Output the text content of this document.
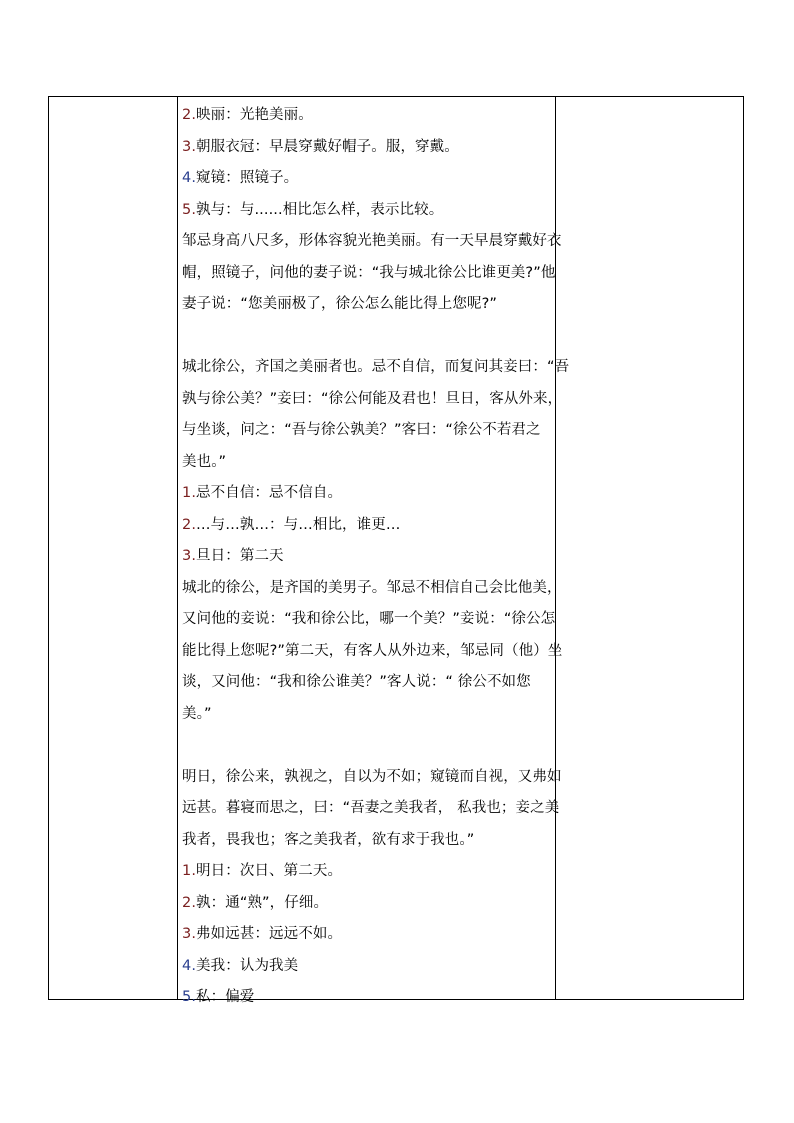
2.映丽：光艳美丽。
3.朝服衣冠：早晨穿戴好帽子。服，穿戴。
4.窥镜：照镜子。
5.孰与：与......相比怎么样，表示比较。
邹忌身高八尺多，形体容貌光艳美丽。有一天早晨穿戴好衣
帽，照镜子，问他的妻子说：“我与城北徐公比谁更美?”他
妻子说：“您美丽极了，徐公怎么能比得上您呢?”
城北徐公，齐国之美丽者也。忌不自信，而复问其妾曰：“吾
孰与徐公美？”妾曰：“徐公何能及君也！旦日，客从外来，
与坐谈，问之：“吾与徐公孰美？”客曰：“徐公不若君之
美也。”
1.忌不自信：忌不信自。
2.…与…孰…：与…相比，谁更…
3.旦日：第二天
城北的徐公，是齐国的美男子。邹忌不相信自己会比他美，
又问他的妾说：“我和徐公比，哪一个美？”妾说：“徐公怎
能比得上您呢?”第二天，有客人从外边来，邹忌同（他）坐
谈，又问他：“我和徐公谁美？”客人说：“ 徐公不如您
美。”
明日，徐公来，孰视之，自以为不如；窥镜而自视，又弗如
远甚。暮寝而思之，曰：“吾妻之美我者， 私我也；妾之美
我者，畏我也；客之美我者，欲有求于我也。”
1.明日：次日、第二天。
2.孰：通“熟”，仔细。
3.弗如远甚：远远不如。
4.美我：认为我美
5.私：偏爱
